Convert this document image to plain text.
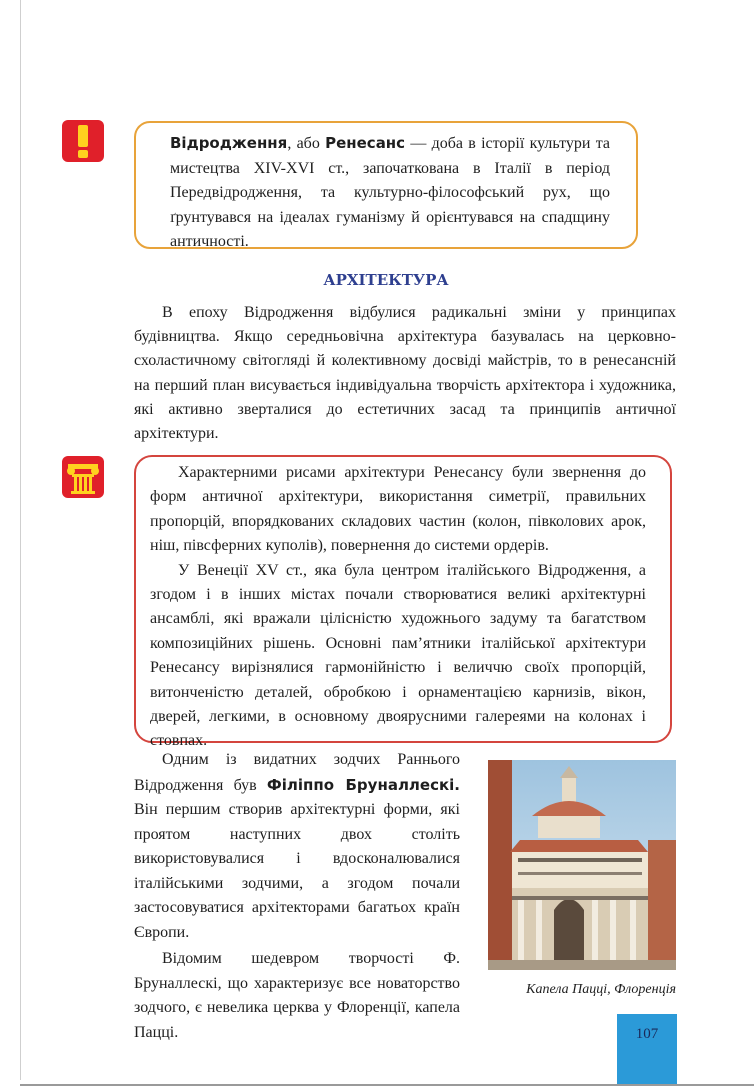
Відродження, або Ренесанс — доба в історії культури та мистецтва XIV-XVI ст., започаткована в Італії в період Передвідродження, та культурно-філософський рух, що ґрунтувався на ідеалах гуманізму й орієнтувався на спадщину античності.
АРХІТЕКТУРА

В епоху Відродження відбулися радикальні зміни у принципах будівництва. Якщо середньовічна архітектура базувалась на церковно-схоластичному світогляді й колективному досвіді майстрів, то в ренесансній на перший план висувається індивідуальна творчість архітектора і художника, які активно зверталися до естетичних засад та принципів античної архітектури.

Характерними рисами архітектури Ренесансу були звернення до форм античної архітектури, використання симетрії, правильних пропорцій, впорядкованих складових частин (колон, півколових арок, ніш, півсферних куполів), повернення до системи ордерів.

У Венеції XV ст., яка була центром італійського Відродження, а згодом і в інших містах почали створюватися великі архітектурні ансамблі, які вражали цілісністю художнього задуму та багатством композиційних рішень. Основні пам’ятники італійської архітектури Ренесансу вирізнялися гармонійністю і величчю своїх пропорцій, витонченістю деталей, обробкою і орнаментацією карнизів, вікон, дверей, легкими, в основному двоярусними галереями на колонах і стовпах.

Одним із видатних зодчих Раннього Відродження був Філіппо Бруналлескі. Він першим створив архітектурні форми, які проятом наступних двох століть використовувалися і вдосконалювалися італійськими зодчими, а згодом почали застосовуватися архітекторами багатьох країн Європи.

Відомим шедевром творчості Ф. Бруналлескі, що характеризує все новаторство зодчого, є невелика церква у Флоренції, капела Пацці.

Капела Пацці, Флоренція
107
